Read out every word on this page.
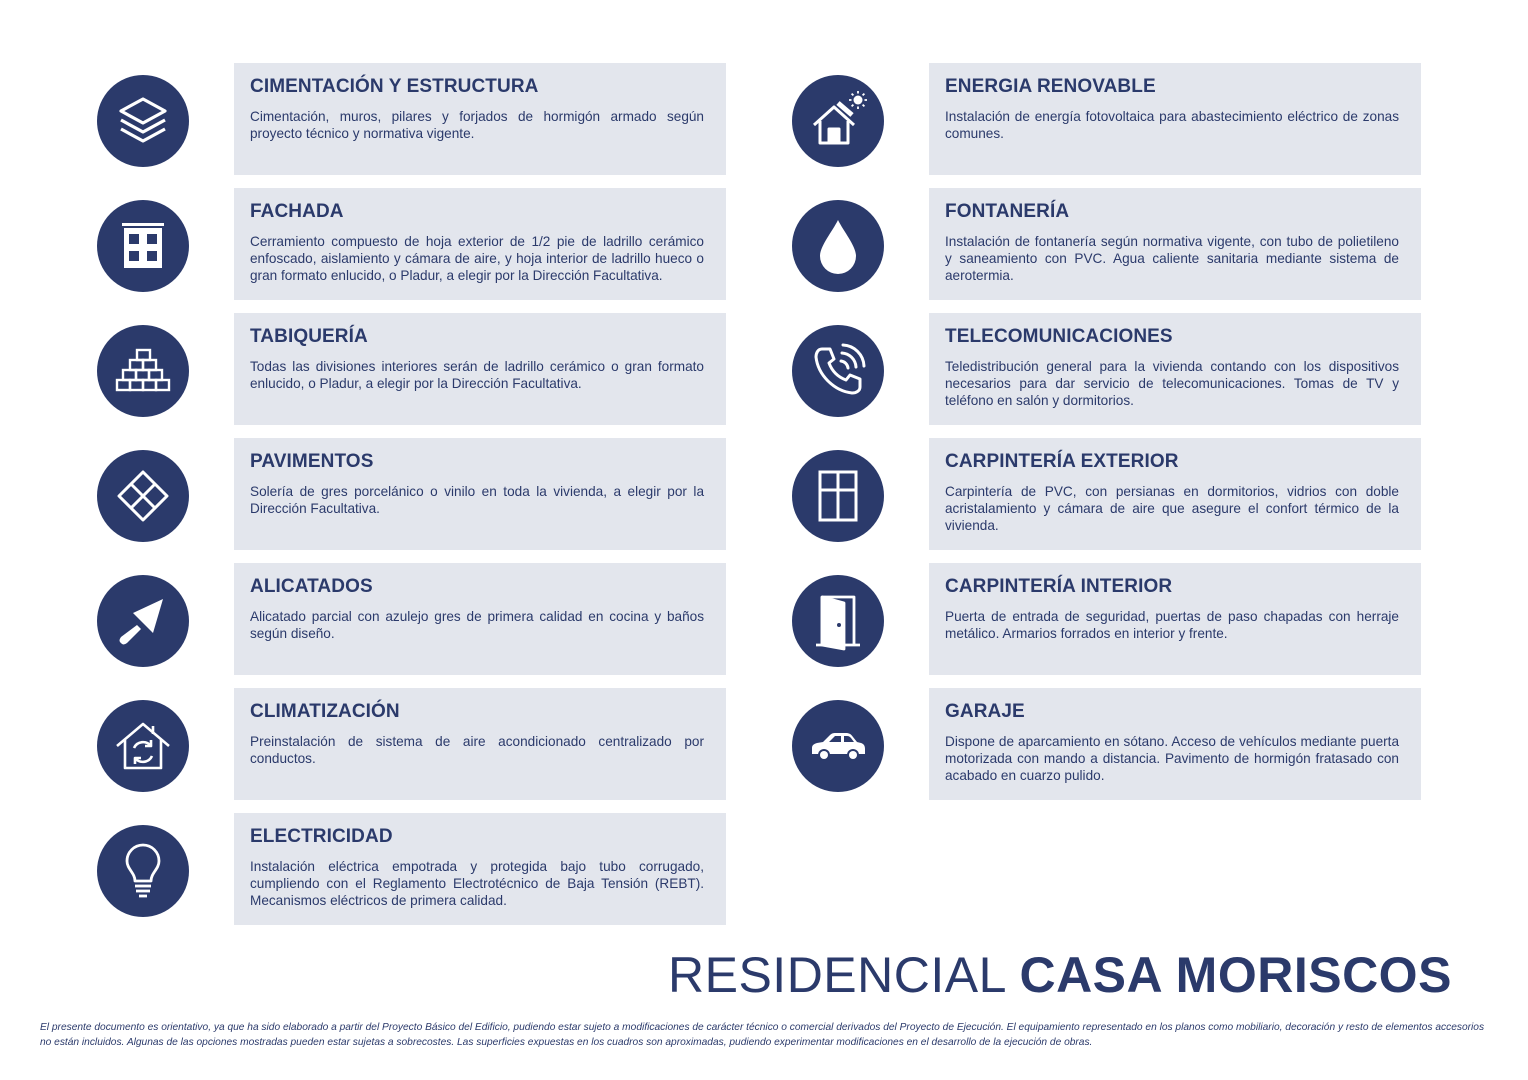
CIMENTACIÓN Y ESTRUCTURA

Cimentación, muros, pilares y forjados de hormigón armado según proyecto técnico y normativa vigente.

FACHADA

Cerramiento compuesto de hoja exterior de 1/2 pie de ladrillo cerámico enfoscado, aislamiento y cámara de aire, y hoja interior de ladrillo hueco o gran formato enlucido, o Pladur, a elegir por la Dirección Facultativa.

TABIQUERÍA

Todas las divisiones interiores serán de ladrillo cerámico o gran formato enlucido, o Pladur, a elegir por la Dirección Facultativa.

PAVIMENTOS

Solería de gres porcelánico o vinilo en toda la vivienda, a elegir por la Dirección Facultativa.

ALICATADOS

Alicatado parcial con azulejo gres de primera calidad en cocina y baños según diseño.

CLIMATIZACIÓN

Preinstalación de sistema de aire acondicionado centralizado por conductos.

ELECTRICIDAD

Instalación eléctrica empotrada y protegida bajo tubo corrugado, cumpliendo con el Reglamento Electrotécnico de Baja Tensión (REBT). Mecanismos eléctricos de primera calidad.

ENERGIA RENOVABLE

Instalación de energía fotovoltaica para abastecimiento eléctrico de zonas comunes.

FONTANERÍA

Instalación de fontanería según normativa vigente, con tubo de polietileno y saneamiento con PVC. Agua caliente sanitaria mediante sistema de aerotermia.

TELECOMUNICACIONES

Teledistribución general para la vivienda contando con los dispositivos necesarios para dar servicio de telecomunicaciones. Tomas de TV y teléfono en salón y dormitorios.

CARPINTERÍA EXTERIOR

Carpintería de PVC, con persianas en dormitorios, vidrios con doble acristalamiento y cámara de aire que asegure el confort térmico de la vivienda.

CARPINTERÍA INTERIOR

Puerta de entrada de seguridad, puertas de paso chapadas con herraje metálico. Armarios forrados en interior y frente.

GARAJE

Dispone de aparcamiento en sótano. Acceso de vehículos mediante puerta motorizada con mando a distancia. Pavimento de hormigón fratasado con acabado en cuarzo pulido.

RESIDENCIAL CASA MORISCOS

El presente documento es orientativo, ya que ha sido elaborado a partir del Proyecto Básico del Edificio, pudiendo estar sujeto a modificaciones de carácter técnico o comercial derivados del Proyecto de Ejecución. El equipamiento representado en los planos como mobiliario, decoración y resto de elementos accesorios no están incluidos. Algunas de las opciones mostradas pueden estar sujetas a sobrecostes. Las superficies expuestas en los cuadros son aproximadas, pudiendo experimentar modificaciones en el desarrollo de la ejecución de obras.
